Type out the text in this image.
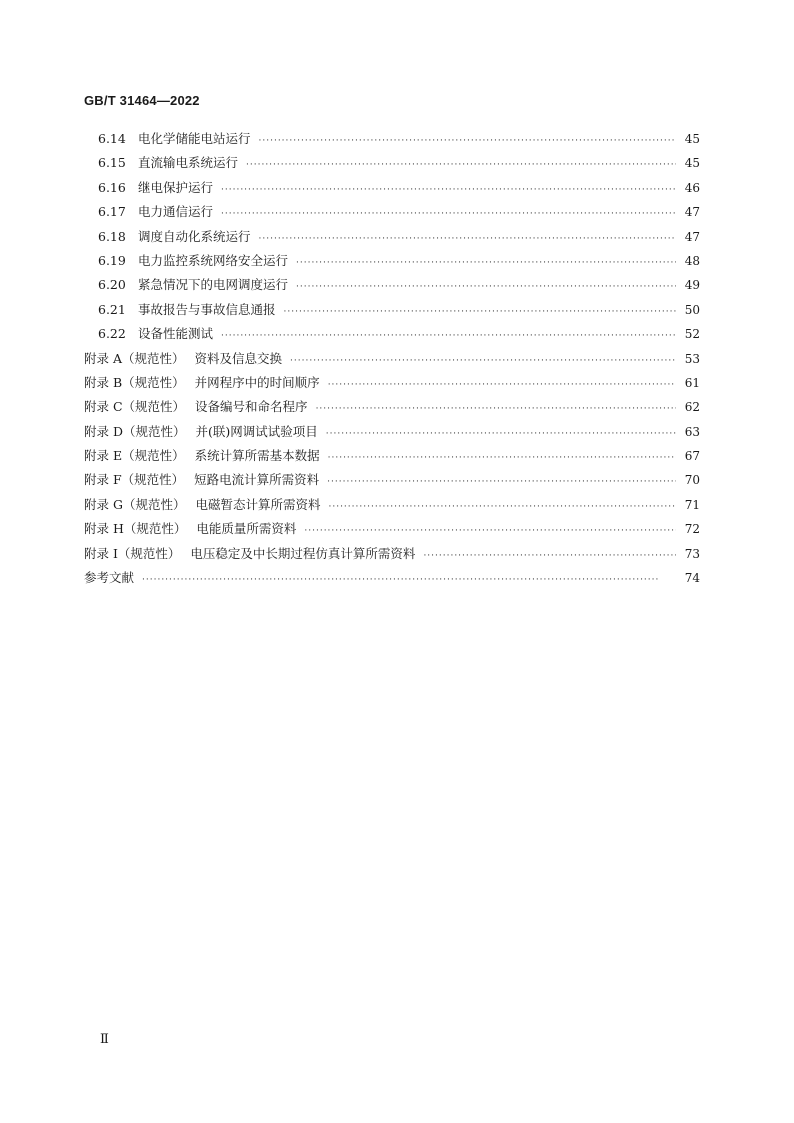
GB/T 31464—2022
6.14 电化学储能电站运行 ·····	45
6.15 直流输电系统运行 ·····	45
6.16 继电保护运行 ·····	46
6.17 电力通信运行 ·····	47
6.18 调度自动化系统运行 ·····	47
6.19 电力监控系统网络安全运行 ·····	48
6.20 紧急情况下的电网调度运行 ·····	49
6.21 事故报告与事故信息通报 ·····	50
6.22 设备性能测试 ·····	52
附录 A（规范性） 资料及信息交换 ·····	53
附录 B（规范性） 并网程序中的时间顺序 ·····	61
附录 C（规范性） 设备编号和命名程序 ·····	62
附录 D（规范性） 并(联)网调试试验项目 ·····	63
附录 E（规范性） 系统计算所需基本数据 ·····	67
附录 F（规范性） 短路电流计算所需资料 ·····	70
附录 G（规范性） 电磁暂态计算所需资料 ·····	71
附录 H（规范性） 电能质量所需资料 ·····	72
附录 I（规范性） 电压稳定及中长期过程仿真计算所需资料 ·····	73
参考文献 ·····	74
Ⅱ
